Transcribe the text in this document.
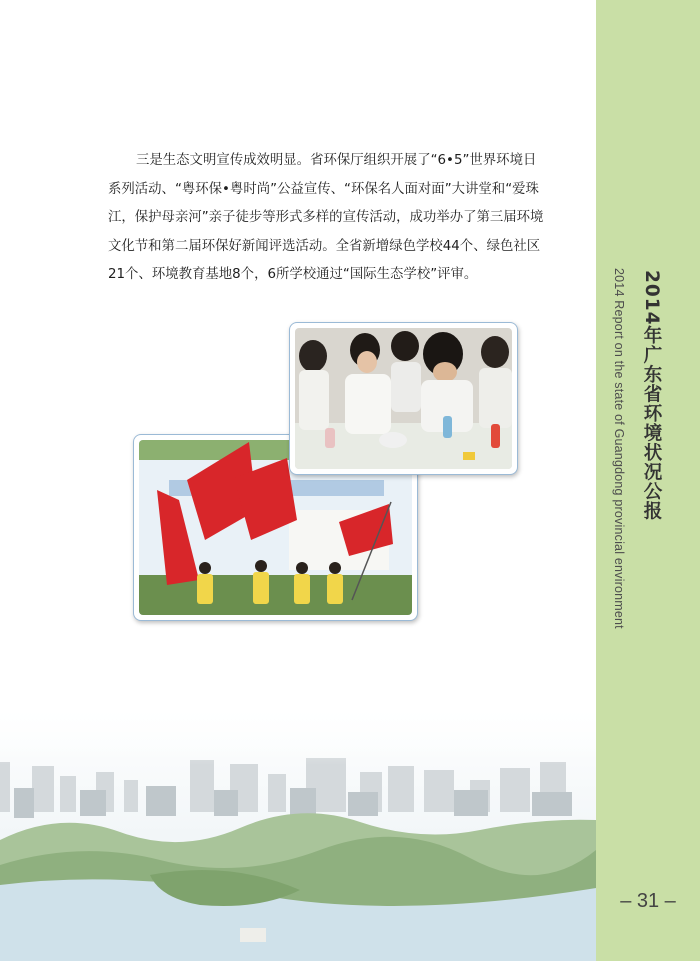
2014 Report on the state of Guangdong provincial environment 2014年广东省环境状况公报
– 31 –
三是生态文明宣传成效明显。省环保厅组织开展了“6•5”世界环境日
系列活动、“粤环保•粤时尚”公益宣传、“环保名人面对面”大讲堂和“爱珠
江，保护母亲河”亲子徒步等形式多样的宣传活动，成功举办了第三届环境
文化节和第二届环保好新闻评选活动。全省新增绿色学校44个、绿色社区
21个、环境教育基地8个，6所学校通过“国际生态学校”评审。
